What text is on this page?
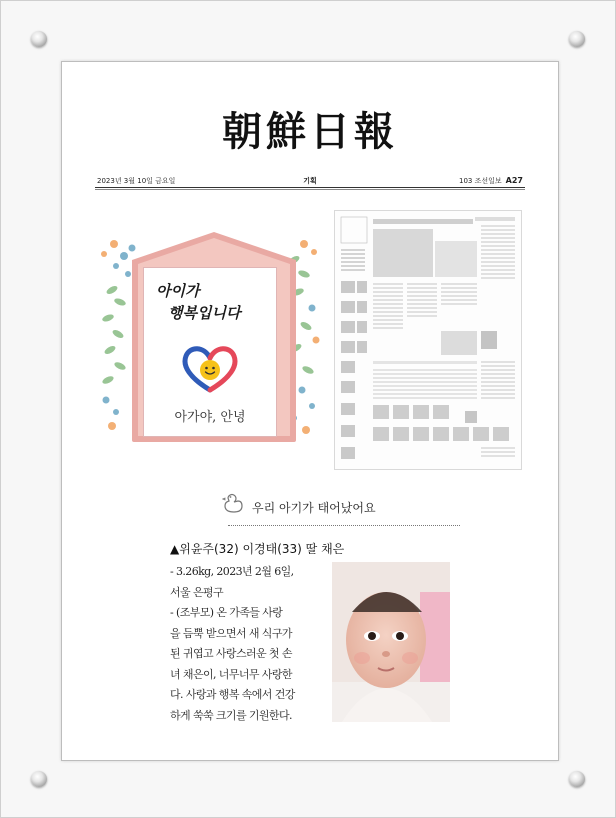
朝鮮日報
2023년 3월 10일 금요일	기획	103 조선일보 A27
아이가
행복입니다
아가야, 안녕
우리 아기가 태어났어요
▲위윤주(32) 이경태(33) 딸 채은
- 3.26kg, 2023년 2월 6일,
서울 은평구
- (조부모) 온 가족들 사랑
을 듬뿍 받으면서 새 식구가
된 귀엽고 사랑스러운 첫 손
녀 채은이, 너무너무 사랑한
다. 사랑과 행복 속에서 건강
하게 쑥쑥 크기를 기원한다.
